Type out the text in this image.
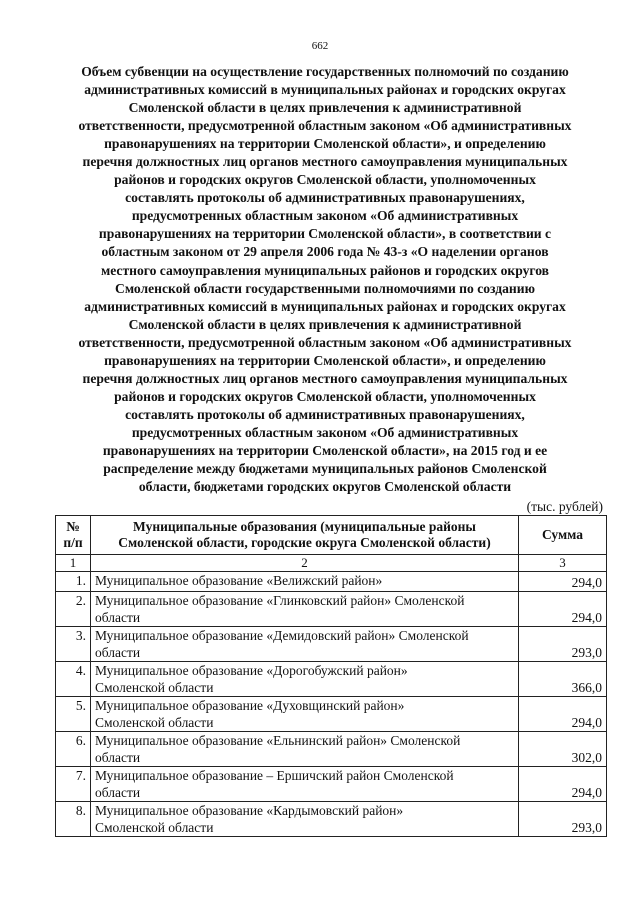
662
Объем субвенции на осуществление государственных полномочий по созданию
административных комиссий в муниципальных районах и городских округах
Смоленской области в целях привлечения к административной
ответственности, предусмотренной областным законом «Об административных
правонарушениях на территории Смоленской области», и определению
перечня должностных лиц органов местного самоуправления муниципальных
районов и городских округов Смоленской области, уполномоченных
составлять протоколы об административных правонарушениях,
предусмотренных областным законом «Об административных
правонарушениях на территории Смоленской области», в соответствии с
областным законом от 29 апреля 2006 года № 43-з «О наделении органов
местного самоуправления муниципальных районов и городских округов
Смоленской области государственными полномочиями по созданию
административных комиссий в муниципальных районах и городских округах
Смоленской области в целях привлечения к административной
ответственности, предусмотренной областным законом «Об административных
правонарушениях на территории Смоленской области», и определению
перечня должностных лиц органов местного самоуправления муниципальных
районов и городских округов Смоленской области, уполномоченных
составлять протоколы об административных правонарушениях,
предусмотренных областным законом «Об административных
правонарушениях на территории Смоленской области», на 2015 год и ее
распределение между бюджетами муниципальных районов Смоленской
области, бюджетами городских округов Смоленской области
(тыс. рублей)
№
п/п	Муниципальные образования (муниципальные районы
Смоленской области, городские округа Смоленской области)	Сумма
1	2	3
1.	Муниципальное образование «Велижский район»	294,0
2.	Муниципальное образование «Глинковский район» Смоленской
области	294,0
3.	Муниципальное образование «Демидовский район» Смоленской
области	293,0
4.	Муниципальное образование «Дорогобужский район»
Смоленской области	366,0
5.	Муниципальное образование «Духовщинский район»
Смоленской области	294,0
6.	Муниципальное образование «Ельнинский район» Смоленской
области	302,0
7.	Муниципальное образование – Ершичский район Смоленской
области	294,0
8.	Муниципальное образование «Кардымовский район»
Смоленской области	293,0
